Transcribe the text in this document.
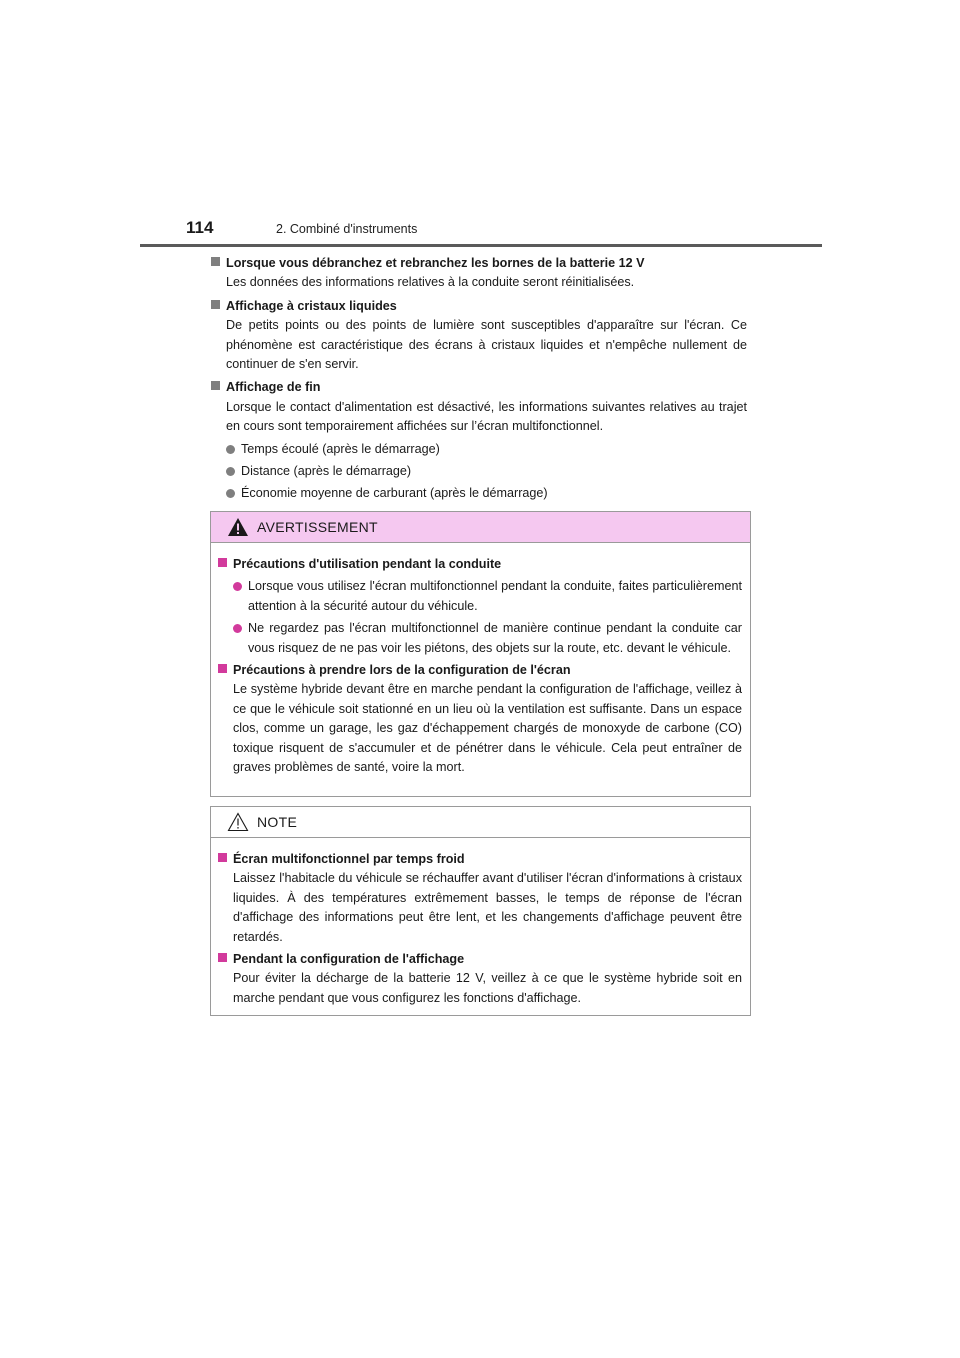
114	2. Combiné d'instruments
Lorsque vous débranchez et rebranchez les bornes de la batterie 12 V
Les données des informations relatives à la conduite seront réinitialisées.
Affichage à cristaux liquides
De petits points ou des points de lumière sont susceptibles d'apparaître sur l'écran. Ce phénomène est caractéristique des écrans à cristaux liquides et n'empêche nullement de continuer de s'en servir.
Affichage de fin
Lorsque le contact d'alimentation est désactivé, les informations suivantes relatives au trajet en cours sont temporairement affichées sur l’écran multifonctionnel.
Temps écoulé (après le démarrage)
Distance (après le démarrage)
Économie moyenne de carburant (après le démarrage)
AVERTISSEMENT
Précautions d'utilisation pendant la conduite
Lorsque vous utilisez l'écran multifonctionnel pendant la conduite, faites particulièrement attention à la sécurité autour du véhicule.
Ne regardez pas l'écran multifonctionnel de manière continue pendant la conduite car vous risquez de ne pas voir les piétons, des objets sur la route, etc. devant le véhicule.
Précautions à prendre lors de la configuration de l'écran
Le système hybride devant être en marche pendant la configuration de l'affichage, veillez à ce que le véhicule soit stationné en un lieu où la ventilation est suffisante. Dans un espace clos, comme un garage, les gaz d'échappement chargés de monoxyde de carbone (CO) toxique risquent de s'accumuler et de pénétrer dans le véhicule. Cela peut entraîner de graves problèmes de santé, voire la mort.
NOTE
Écran multifonctionnel par temps froid
Laissez l'habitacle du véhicule se réchauffer avant d'utiliser l'écran d'informations à cristaux liquides. À des températures extrêmement basses, le temps de réponse de l'écran d'affichage des informations peut être lent, et les changements d'affichage peuvent être retardés.
Pendant la configuration de l'affichage
Pour éviter la décharge de la batterie 12 V, veillez à ce que le système hybride soit en marche pendant que vous configurez les fonctions d'affichage.
